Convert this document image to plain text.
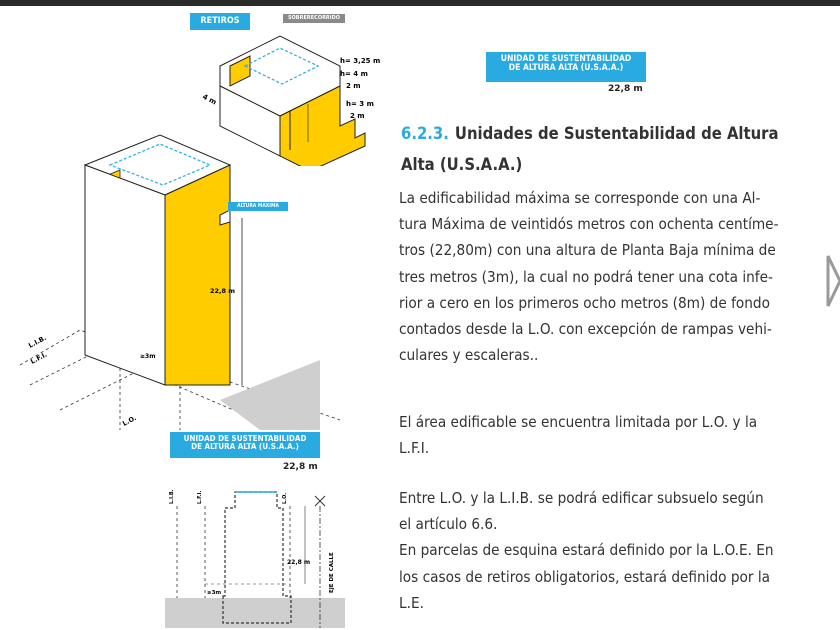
RETIROS	SOBRERECORRIDO
h= 3,25 m
h= 4 m
2 m
h= 3 m
2 m
4 m
UNIDAD DE SUSTENTABILIDAD
DE ALTURA ALTA (U.S.A.A.)
22,8 m
22,8 m
≥3m
L.I.B.
L.F.I.
L.O.
ALTURA MAXIMA
UNIDAD DE SUSTENTABILIDAD
DE ALTURA ALTA (U.S.A.A.)
22,8 m
L.I.B.	L.F.I.	L.O.
22,8 m
≥3m	EJE DE CALLE
6.2.3. Unidades de Sustentabilidad de Altura
Alta (U.S.A.A.)
La edificabilidad máxima se corresponde con una Al-
tura Máxima de veintidós metros con ochenta centíme-
tros (22,80m) con una altura de Planta Baja mínima de
tres metros (3m), la cual no podrá tener una cota infe-
rior a cero en los primeros ocho metros (8m) de fondo
contados desde la L.O. con excepción de rampas vehi-
culares y escaleras..
El área edificable se encuentra limitada por L.O. y la
L.F.I.
Entre L.O. y la L.I.B. se podrá edificar subsuelo según
el artículo 6.6.
En parcelas de esquina estará definido por la L.O.E. En
los casos de retiros obligatorios, estará definido por la
L.E.
